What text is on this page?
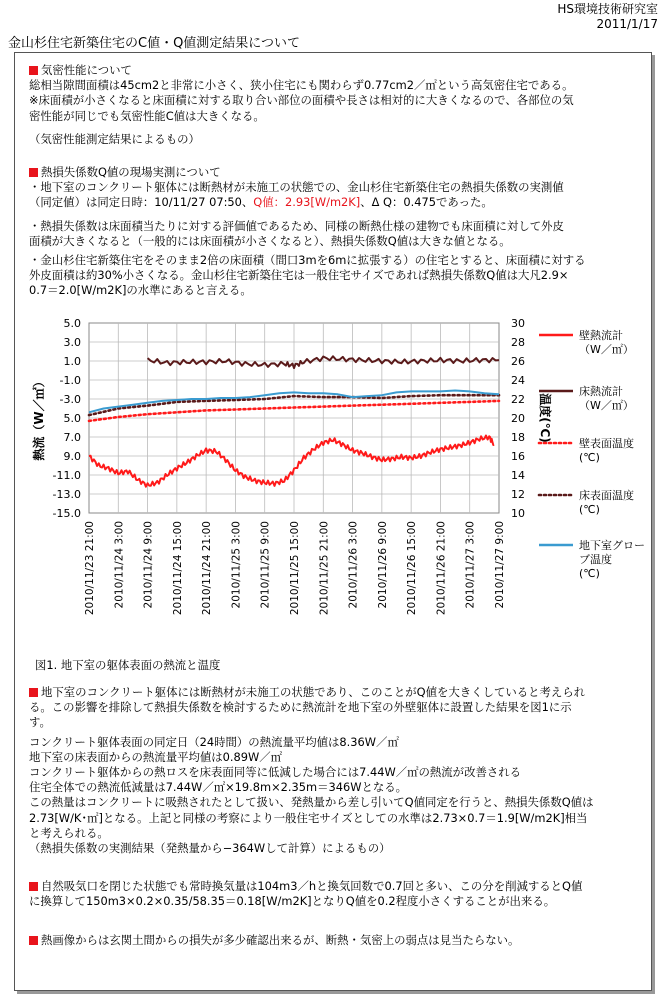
HS環境技術研究室
2011/1/17
金山杉住宅新築住宅のC値・Q値測定結果について
気密性能について

総相当隙間面積は45cm2と非常に小さく、狭小住宅にも関わらず0.77cm2／㎡という高気密住宅である。

※床面積が小さくなると床面積に対する取り合い部位の面積や長さは相対的に大きくなるので、各部位の気

密性能が同じでも気密性能C値は大きくなる。

（気密性能測定結果によるもの）

熱損失係数Q値の現場実測について

・地下室のコンクリート躯体には断熱材が未施工の状態での、金山杉住宅新築住宅の熱損失係数の実測値

（同定値）は同定日時：10/11/27 07:50、Q値：2.93[W/m2K]、Δ Q：0.475であった。

・熱損失係数は床面積当たりに対する評価値であるため、同様の断熱仕様の建物でも床面積に対して外皮

面積が大きくなると（一般的には床面積が小さくなると）、熱損失係数Q値は大きな値となる。

・金山杉住宅新築住宅をそのまま2倍の床面積（間口3mを6mに拡張する）の住宅とすると、床面積に対する

外皮面積は約30%小さくなる。金山杉住宅新築住宅は一般住宅サイズであれば熱損失係数Q値は大凡2.9×

0.7＝2.0[W/m2K]の水準にあると言える。

5.0
3.0
1.0
-1.0
-3.0
5.0
7.0
9.0
-11.0
-13.0
-15.0
30
28
26
24
22
20
18
16
14
12
10
2010/11/23 21:00 2010/11/24 3:00 2010/11/24 9:00 2010/11/24 15:00 2010/11/24 21:00 2010/11/25 3:00 2010/11/25 9:00 2010/11/25 15:00 2010/11/25 21:00 2010/11/26 3:00 2010/11/26 9:00 2010/11/26 15:00 2010/11/26 21:00 2010/11/27 3:00 2010/11/27 9:00
熱流（W／㎡）	温度(℃)
壁熱流計
（W／㎡）
床熱流計
（W／㎡）
壁表面温度
(℃)
床表面温度
(℃)
地下室グロー
ブ温度
(℃)
図1. 地下室の躯体表面の熱流と温度
地下室のコンクリート躯体には断熱材が未施工の状態であり、このことがQ値を大きくしていると考えられ

る。この影響を排除して熱損失係数を検討するために熱流計を地下室の外壁躯体に設置した結果を図1に示

す。

コンクリート躯体表面の同定日（24時間）の熱流量平均値は8.36W／㎡

地下室の床表面からの熱流量平均値は0.89W／㎡

コンクリート躯体からの熱ロスを床表面同等に低減した場合には7.44W／㎡の熱流が改善される

住宅全体での熱流低減量は7.44W／㎡×19.8m×2.35m＝346Wとなる。

この熱量はコンクリートに吸熱されたとして扱い、発熱量から差し引いてQ値同定を行うと、熱損失係数Q値は

2.73[W/K･㎡]となる。上記と同様の考察により一般住宅サイズとしての水準は2.73×0.7＝1.9[W/m2K]相当

と考えられる。

（熱損失係数の実測結果（発熱量から−364Wして計算）によるもの）

自然吸気口を閉じた状態でも常時換気量は104m3／hと換気回数で0.7回と多い、この分を削減するとQ値

に換算して150m3×0.2×0.35/58.35＝0.18[W/m2K]となりQ値を0.2程度小さくすることが出来る。

熱画像からは玄関土間からの損失が多少確認出来るが、断熱・気密上の弱点は見当たらない。
